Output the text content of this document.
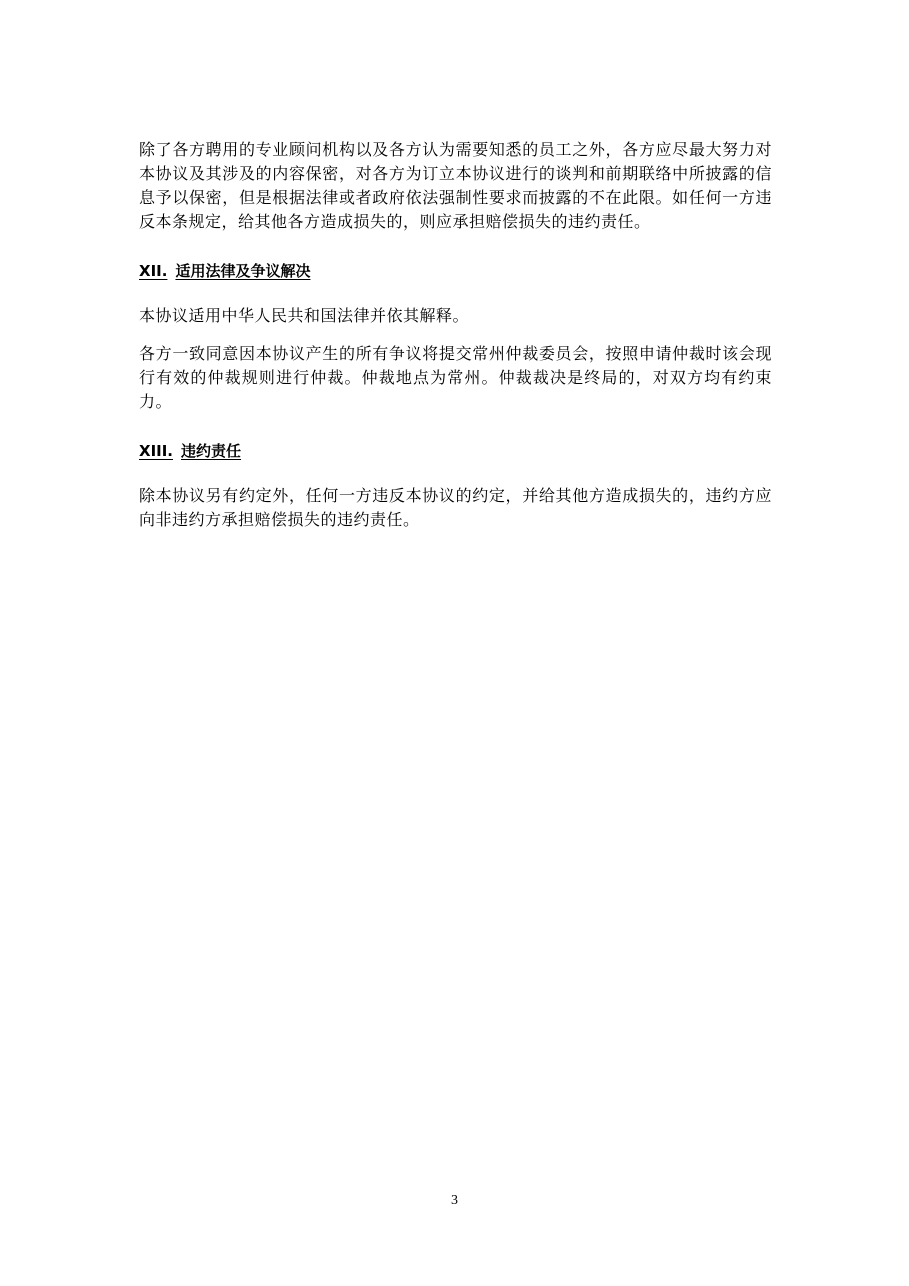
除了各方聘用的专业顾问机构以及各方认为需要知悉的员工之外，各方应尽最大努力对本协议及其涉及的内容保密，对各方为订立本协议进行的谈判和前期联络中所披露的信息予以保密，但是根据法律或者政府依法强制性要求而披露的不在此限。如任何一方违反本条规定，给其他各方造成损失的，则应承担赔偿损失的违约责任。

XII. 适用法律及争议解决

本协议适用中华人民共和国法律并依其解释。

各方一致同意因本协议产生的所有争议将提交常州仲裁委员会，按照申请仲裁时该会现行有效的仲裁规则进行仲裁。仲裁地点为常州。仲裁裁决是终局的，对双方均有约束力。

XIII. 违约责任

除本协议另有约定外，任何一方违反本协议的约定，并给其他方造成损失的，违约方应向非违约方承担赔偿损失的违约责任。

3
